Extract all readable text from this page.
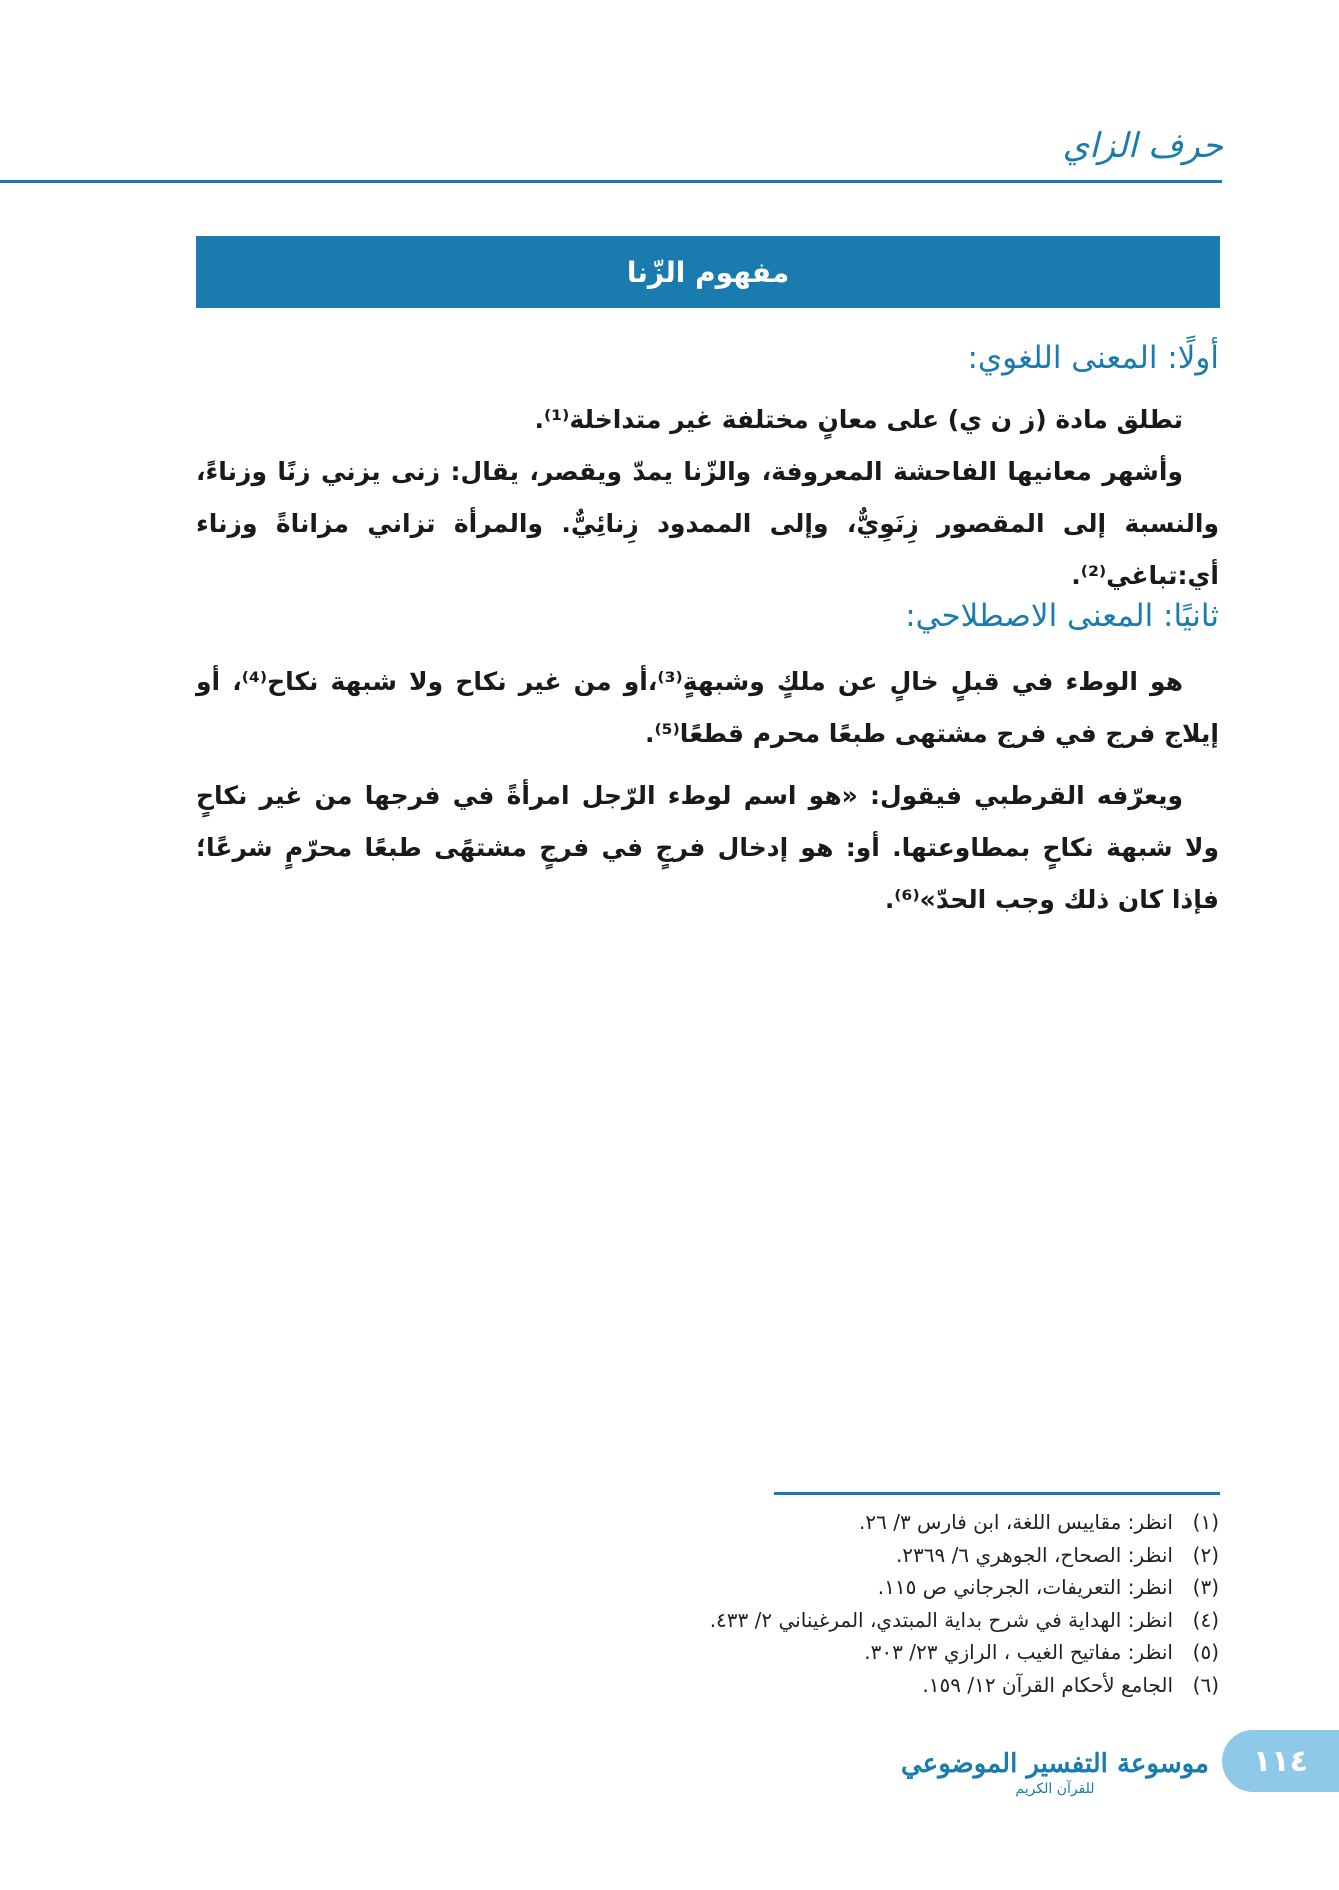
حرف الزاي
مفهوم الزّنا
أولًا: المعنى اللغوي:

تطلق مادة (ز ن ي) على معانٍ مختلفة غير متداخلة⁽¹⁾.

وأشهر معانيها الفاحشة المعروفة، والزّنا يمدّ ويقصر، يقال: زنى يزني زنًا وزناءً، والنسبة إلى المقصور زِنَوِيٌّ، وإلى الممدود زِنائِيٌّ. والمرأة تزاني مزاناةً وزناء أي:تباغي⁽²⁾.

ثانيًا: المعنى الاصطلاحي:

هو الوطء في قبلٍ خالٍ عن ملكٍ وشبهةٍ⁽³⁾،أو من غير نكاح ولا شبهة نكاح⁽⁴⁾، أو إيلاج فرج في فرج مشتهى طبعًا محرم قطعًا⁽⁵⁾.

ويعرّفه القرطبي فيقول: «هو اسم لوطء الرّجل امرأةً في فرجها من غير نكاحٍ ولا شبهة نكاحٍ بمطاوعتها. أو: هو إدخال فرجٍ في فرجٍ مشتهًى طبعًا محرّمٍ شرعًا؛ فإذا كان ذلك وجب الحدّ»⁽⁶⁾.

(١)انظر: مقاييس اللغة، ابن فارس ٣/ ٢٦.
(٢)انظر: الصحاح، الجوهري ٦/ ٢٣٦٩.
(٣)انظر: التعريفات، الجرجاني ص ١١٥.
(٤)انظر: الهداية في شرح بداية المبتدي، المرغيناني ٢/ ٤٣٣.
(٥)انظر: مفاتيح الغيب ، الرازي ٢٣/ ٣٠٣.
(٦)الجامع لأحكام القرآن ١٢/ ١٥٩.
موسوعة التفسير الموضوعي
للقرآن الكريم
١١٤
